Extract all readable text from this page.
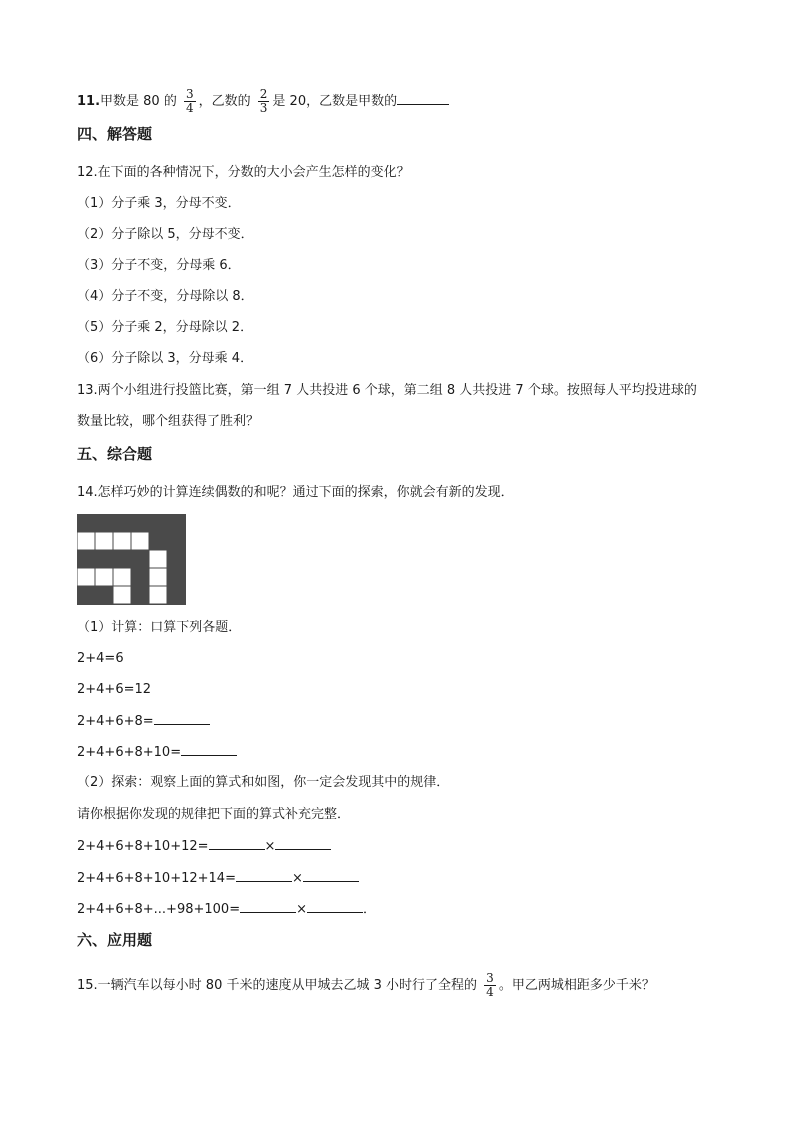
11.甲数是 80 的 $\frac{3}{4}$ ，乙数的 $\frac{2}{3}$ 是 20，乙数是甲数的
四、解答题
12.在下面的各种情况下，分数的大小会产生怎样的变化？
（1）分子乘 3，分母不变．
（2）分子除以 5，分母不变．
（3）分子不变，分母乘 6．
（4）分子不变，分母除以 8．
（5）分子乘 2，分母除以 2．
（6）分子除以 3，分母乘 4．
13.两个小组进行投篮比赛，第一组 7 人共投进 6 个球，第二组 8 人共投进 7 个球。按照每人平均投进球的
数量比较，哪个组获得了胜利？
五、综合题
14.怎样巧妙的计算连续偶数的和呢？通过下面的探索，你就会有新的发现．
（1）计算：口算下列各题．
2+4=6
2+4+6=12
2+4+6+8=
2+4+6+8+10=
（2）探索：观察上面的算式和如图，你一定会发现其中的规律．
请你根据你发现的规律把下面的算式补充完整．
2+4+6+8+10+12=	×
2+4+6+8+10+12+14=	×
2+4+6+8+...+98+100=	×	．
六、应用题
15.一辆汽车以每小时 80 千米的速度从甲城去乙城 3 小时行了全程的 $\frac{3}{4}$ 。甲乙两城相距多少千米？
